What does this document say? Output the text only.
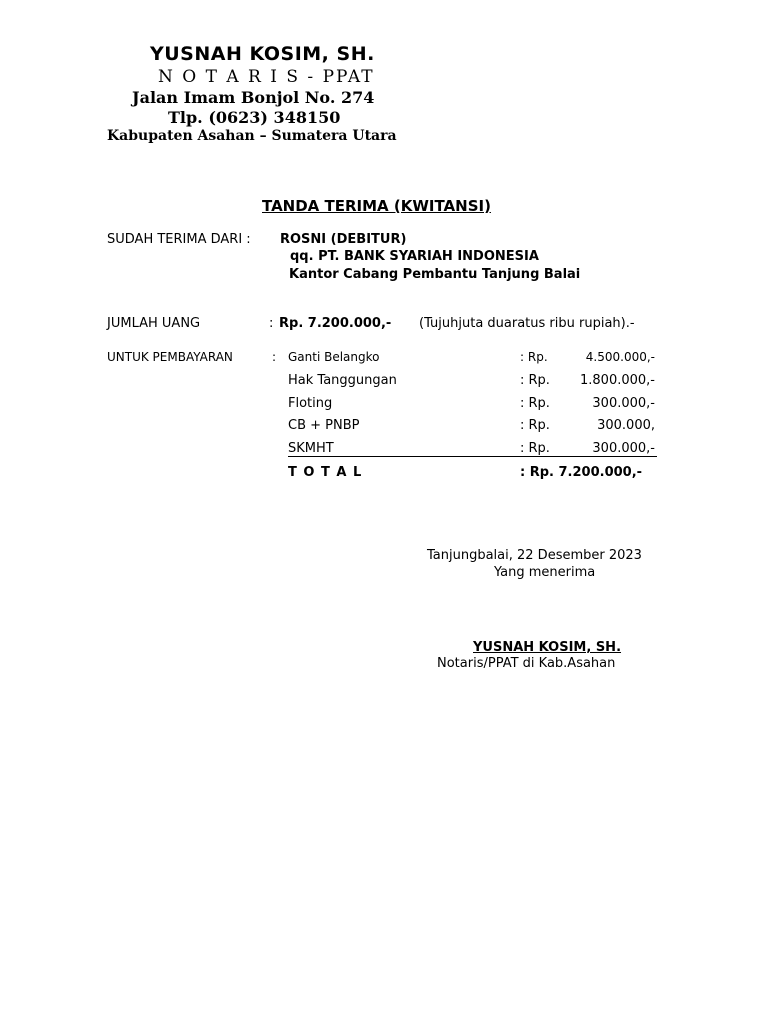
YUSNAH KOSIM, SH.
N O T A R I S - PPAT
Jalan Imam Bonjol No. 274
Tlp. (0623) 348150
Kabupaten Asahan – Sumatera Utara
TANDA TERIMA (KWITANSI)
SUDAH TERIMA DARI : ROSNI (DEBITUR)
qq. PT. BANK SYARIAH INDONESIA
Kantor Cabang Pembantu Tanjung Balai
JUMLAH UANG	: Rp. 7.200.000,- (Tujuhjuta duaratus ribu rupiah).-
UNTUK PEMBAYARAN	: Ganti Belangko	: Rp.	4.500.000,-
Hak Tanggungan	: Rp.	1.800.000,-
Floting	: Rp.	300.000,-
CB + PNBP	: Rp.	300.000,
SKMHT	: Rp.	300.000,-
T O T A L	: Rp. 7.200.000,-
Tanjungbalai, 22 Desember 2023
Yang menerima
YUSNAH KOSIM, SH.
Notaris/PPAT di Kab.Asahan
